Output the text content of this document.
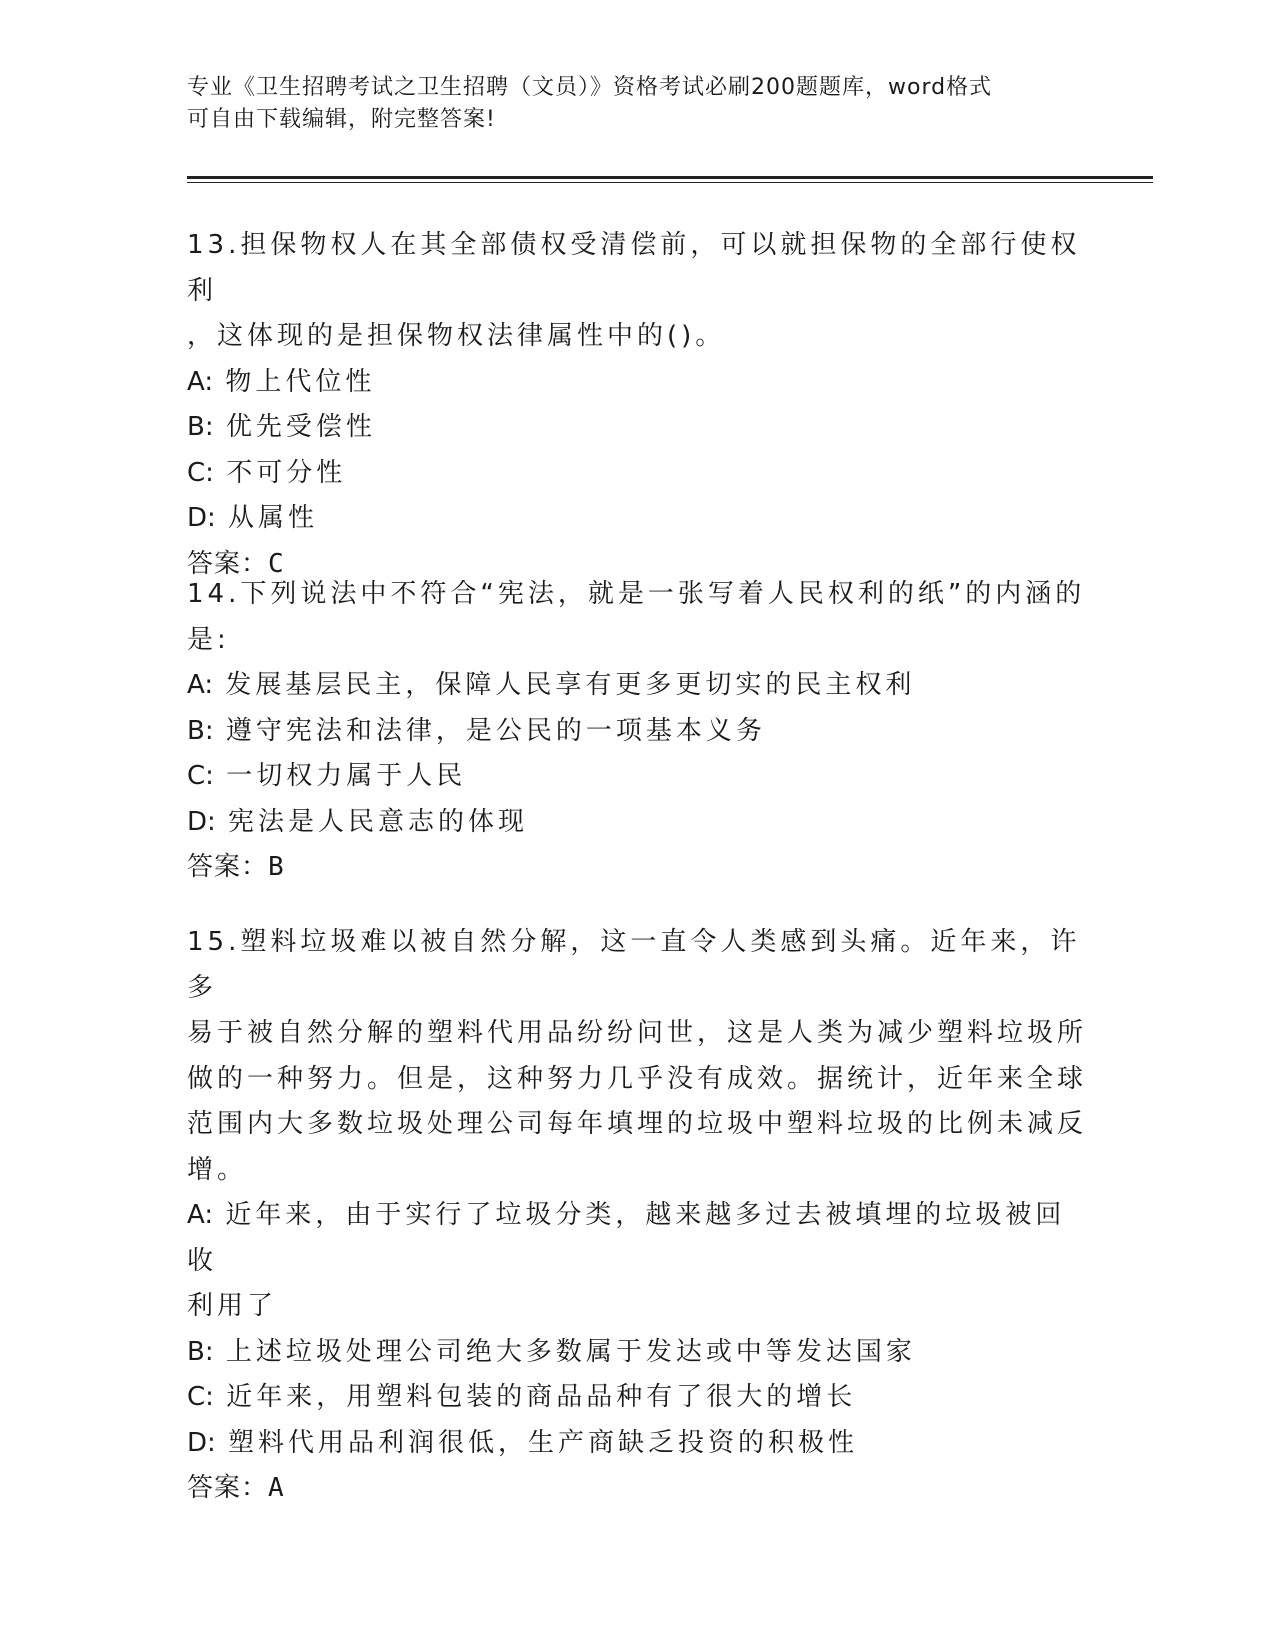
专业《卫生招聘考试之卫生招聘（文员）》资格考试必刷200题题库，word格式
可自由下载编辑，附完整答案!
13.担保物权人在其全部债权受清偿前，可以就担保物的全部行使权利
，这体现的是担保物权法律属性中的()。
A: 物上代位性
B: 优先受偿性
C: 不可分性
D: 从属性
答案：C
14.下列说法中不符合“宪法，就是一张写着人民权利的纸”的内涵的
是:
A: 发展基层民主，保障人民享有更多更切实的民主权利
B: 遵守宪法和法律，是公民的一项基本义务
C: 一切权力属于人民
D: 宪法是人民意志的体现
答案：B
15.塑料垃圾难以被自然分解，这一直令人类感到头痛。近年来，许多
易于被自然分解的塑料代用品纷纷问世，这是人类为减少塑料垃圾所
做的一种努力。但是，这种努力几乎没有成效。据统计，近年来全球
范围内大多数垃圾处理公司每年填埋的垃圾中塑料垃圾的比例未减反
增。
A: 近年来，由于实行了垃圾分类，越来越多过去被填埋的垃圾被回收
利用了
B: 上述垃圾处理公司绝大多数属于发达或中等发达国家
C: 近年来，用塑料包装的商品品种有了很大的增长
D: 塑料代用品利润很低，生产商缺乏投资的积极性
答案：A
